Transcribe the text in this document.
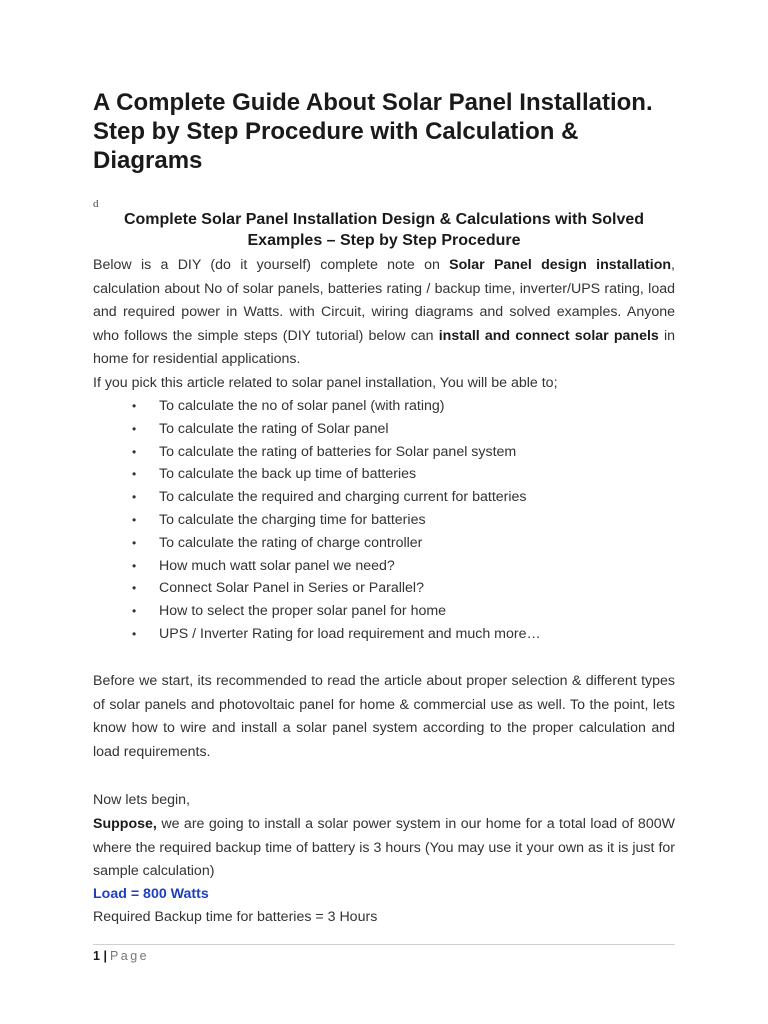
A Complete Guide About Solar Panel Installation. Step by Step Procedure with Calculation & Diagrams
d
Complete Solar Panel Installation Design & Calculations with Solved Examples – Step by Step Procedure

Below is a DIY (do it yourself) complete note on Solar Panel design installation, calculation about No of solar panels, batteries rating / backup time, inverter/UPS rating, load and required power in Watts. with Circuit, wiring diagrams and solved examples. Anyone who follows the simple steps (DIY tutorial) below can install and connect solar panels in home for residential applications.

If you pick this article related to solar panel installation, You will be able to;

• To calculate the no of solar panel (with rating)
• To calculate the rating of Solar panel
• To calculate the rating of batteries for Solar panel system
• To calculate the back up time of batteries
• To calculate the required and charging current for batteries
• To calculate the charging time for batteries
• To calculate the rating of charge controller
• How much watt solar panel we need?
• Connect Solar Panel in Series or Parallel?
• How to select the proper solar panel for home
• UPS / Inverter Rating for load requirement and much more…

Before we start, its recommended to read the article about proper selection & different types of solar panels and photovoltaic panel for home & commercial use as well. To the point, lets know how to wire and install a solar panel system according to the proper calculation and load requirements.

Now lets begin,

Suppose, we are going to install a solar power system in our home for a total load of 800W where the required backup time of battery is 3 hours (You may use it your own as it is just for sample calculation)

Load = 800 Watts

Required Backup time for batteries = 3 Hours

1 | Page
